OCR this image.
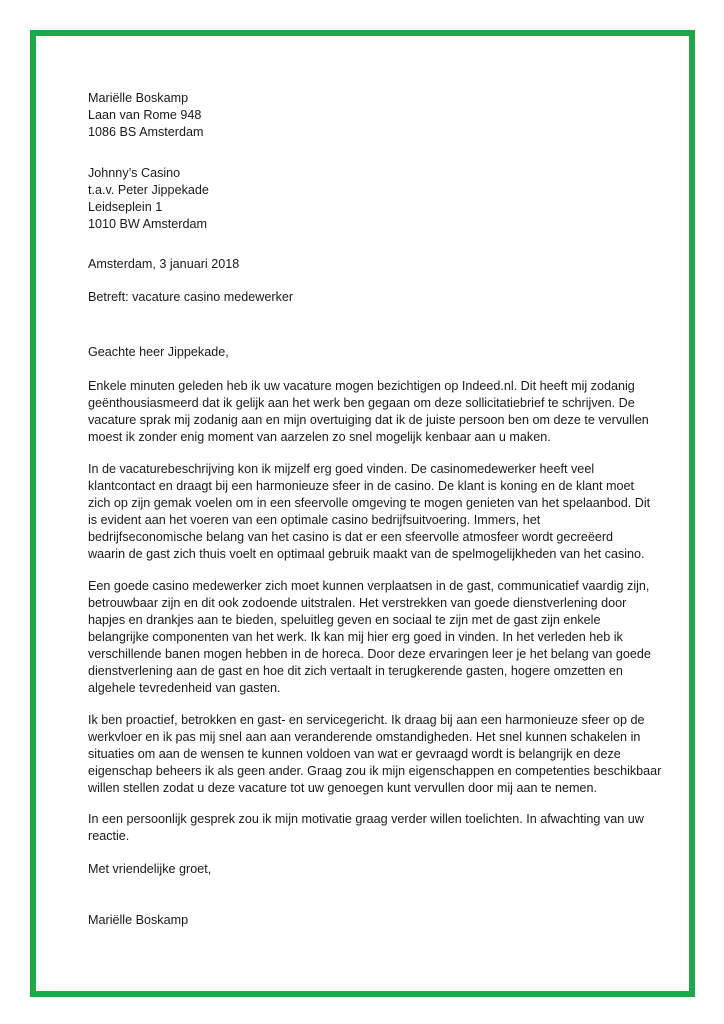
Mariëlle Boskamp
Laan van Rome 948
1086 BS Amsterdam
Johnny’s Casino
t.a.v. Peter Jippekade
Leidseplein 1
1010 BW Amsterdam
Amsterdam, 3 januari 2018
Betreft: vacature casino medewerker
Geachte heer Jippekade,
Enkele minuten geleden heb ik uw vacature mogen bezichtigen op Indeed.nl. Dit heeft mij zodanig
geënthousiasmeerd dat ik gelijk aan het werk ben gegaan om deze sollicitatiebrief te schrijven. De
vacature sprak mij zodanig aan en mijn overtuiging dat ik de juiste persoon ben om deze te vervullen
moest ik zonder enig moment van aarzelen zo snel mogelijk kenbaar aan u maken.
In de vacaturebeschrijving kon ik mijzelf erg goed vinden. De casinomedewerker heeft veel
klantcontact en draagt bij een harmonieuze sfeer in de casino. De klant is koning en de klant moet
zich op zijn gemak voelen om in een sfeervolle omgeving te mogen genieten van het spelaanbod. Dit
is evident aan het voeren van een optimale casino bedrijfsuitvoering. Immers, het
bedrijfseconomische belang van het casino is dat er een sfeervolle atmosfeer wordt gecreëerd
waarin de gast zich thuis voelt en optimaal gebruik maakt van de spelmogelijkheden van het casino.
Een goede casino medewerker zich moet kunnen verplaatsen in de gast, communicatief vaardig zijn,
betrouwbaar zijn en dit ook zodoende uitstralen. Het verstrekken van goede dienstverlening door
hapjes en drankjes aan te bieden, speluitleg geven en sociaal te zijn met de gast zijn enkele
belangrijke componenten van het werk. Ik kan mij hier erg goed in vinden. In het verleden heb ik
verschillende banen mogen hebben in de horeca. Door deze ervaringen leer je het belang van goede
dienstverlening aan de gast en hoe dit zich vertaalt in terugkerende gasten, hogere omzetten en
algehele tevredenheid van gasten.
Ik ben proactief, betrokken en gast- en servicegericht. Ik draag bij aan een harmonieuze sfeer op de
werkvloer en ik pas mij snel aan aan veranderende omstandigheden. Het snel kunnen schakelen in
situaties om aan de wensen te kunnen voldoen van wat er gevraagd wordt is belangrijk en deze
eigenschap beheers ik als geen ander. Graag zou ik mijn eigenschappen en competenties beschikbaar
willen stellen zodat u deze vacature tot uw genoegen kunt vervullen door mij aan te nemen.
In een persoonlijk gesprek zou ik mijn motivatie graag verder willen toelichten. In afwachting van uw
reactie.
Met vriendelijke groet,
Mariëlle Boskamp
